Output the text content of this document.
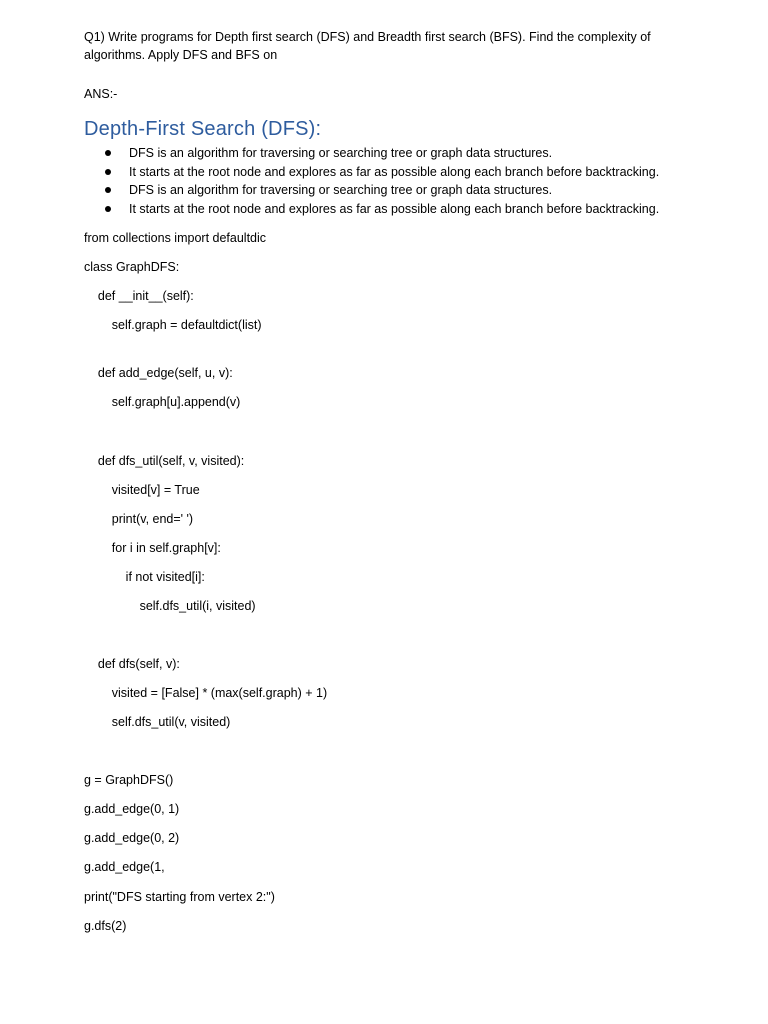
Q1) Write programs for Depth first search (DFS) and Breadth first search (BFS). Find the complexity of algorithms. Apply DFS and BFS on
ANS:-
Depth-First Search (DFS):
DFS is an algorithm for traversing or searching tree or graph data structures.
It starts at the root node and explores as far as possible along each branch before backtracking.
DFS is an algorithm for traversing or searching tree or graph data structures.
It starts at the root node and explores as far as possible along each branch before backtracking.
from collections import defaultdic
class GraphDFS:
def __init__(self):
self.graph = defaultdict(list)
def add_edge(self, u, v):
self.graph[u].append(v)
def dfs_util(self, v, visited):
visited[v] = True
print(v, end=' ')
for i in self.graph[v]:
if not visited[i]:
self.dfs_util(i, visited)
def dfs(self, v):
visited = [False] * (max(self.graph) + 1)
self.dfs_util(v, visited)
g = GraphDFS()
g.add_edge(0, 1)
g.add_edge(0, 2)
g.add_edge(1,
print("DFS starting from vertex 2:")
g.dfs(2)
